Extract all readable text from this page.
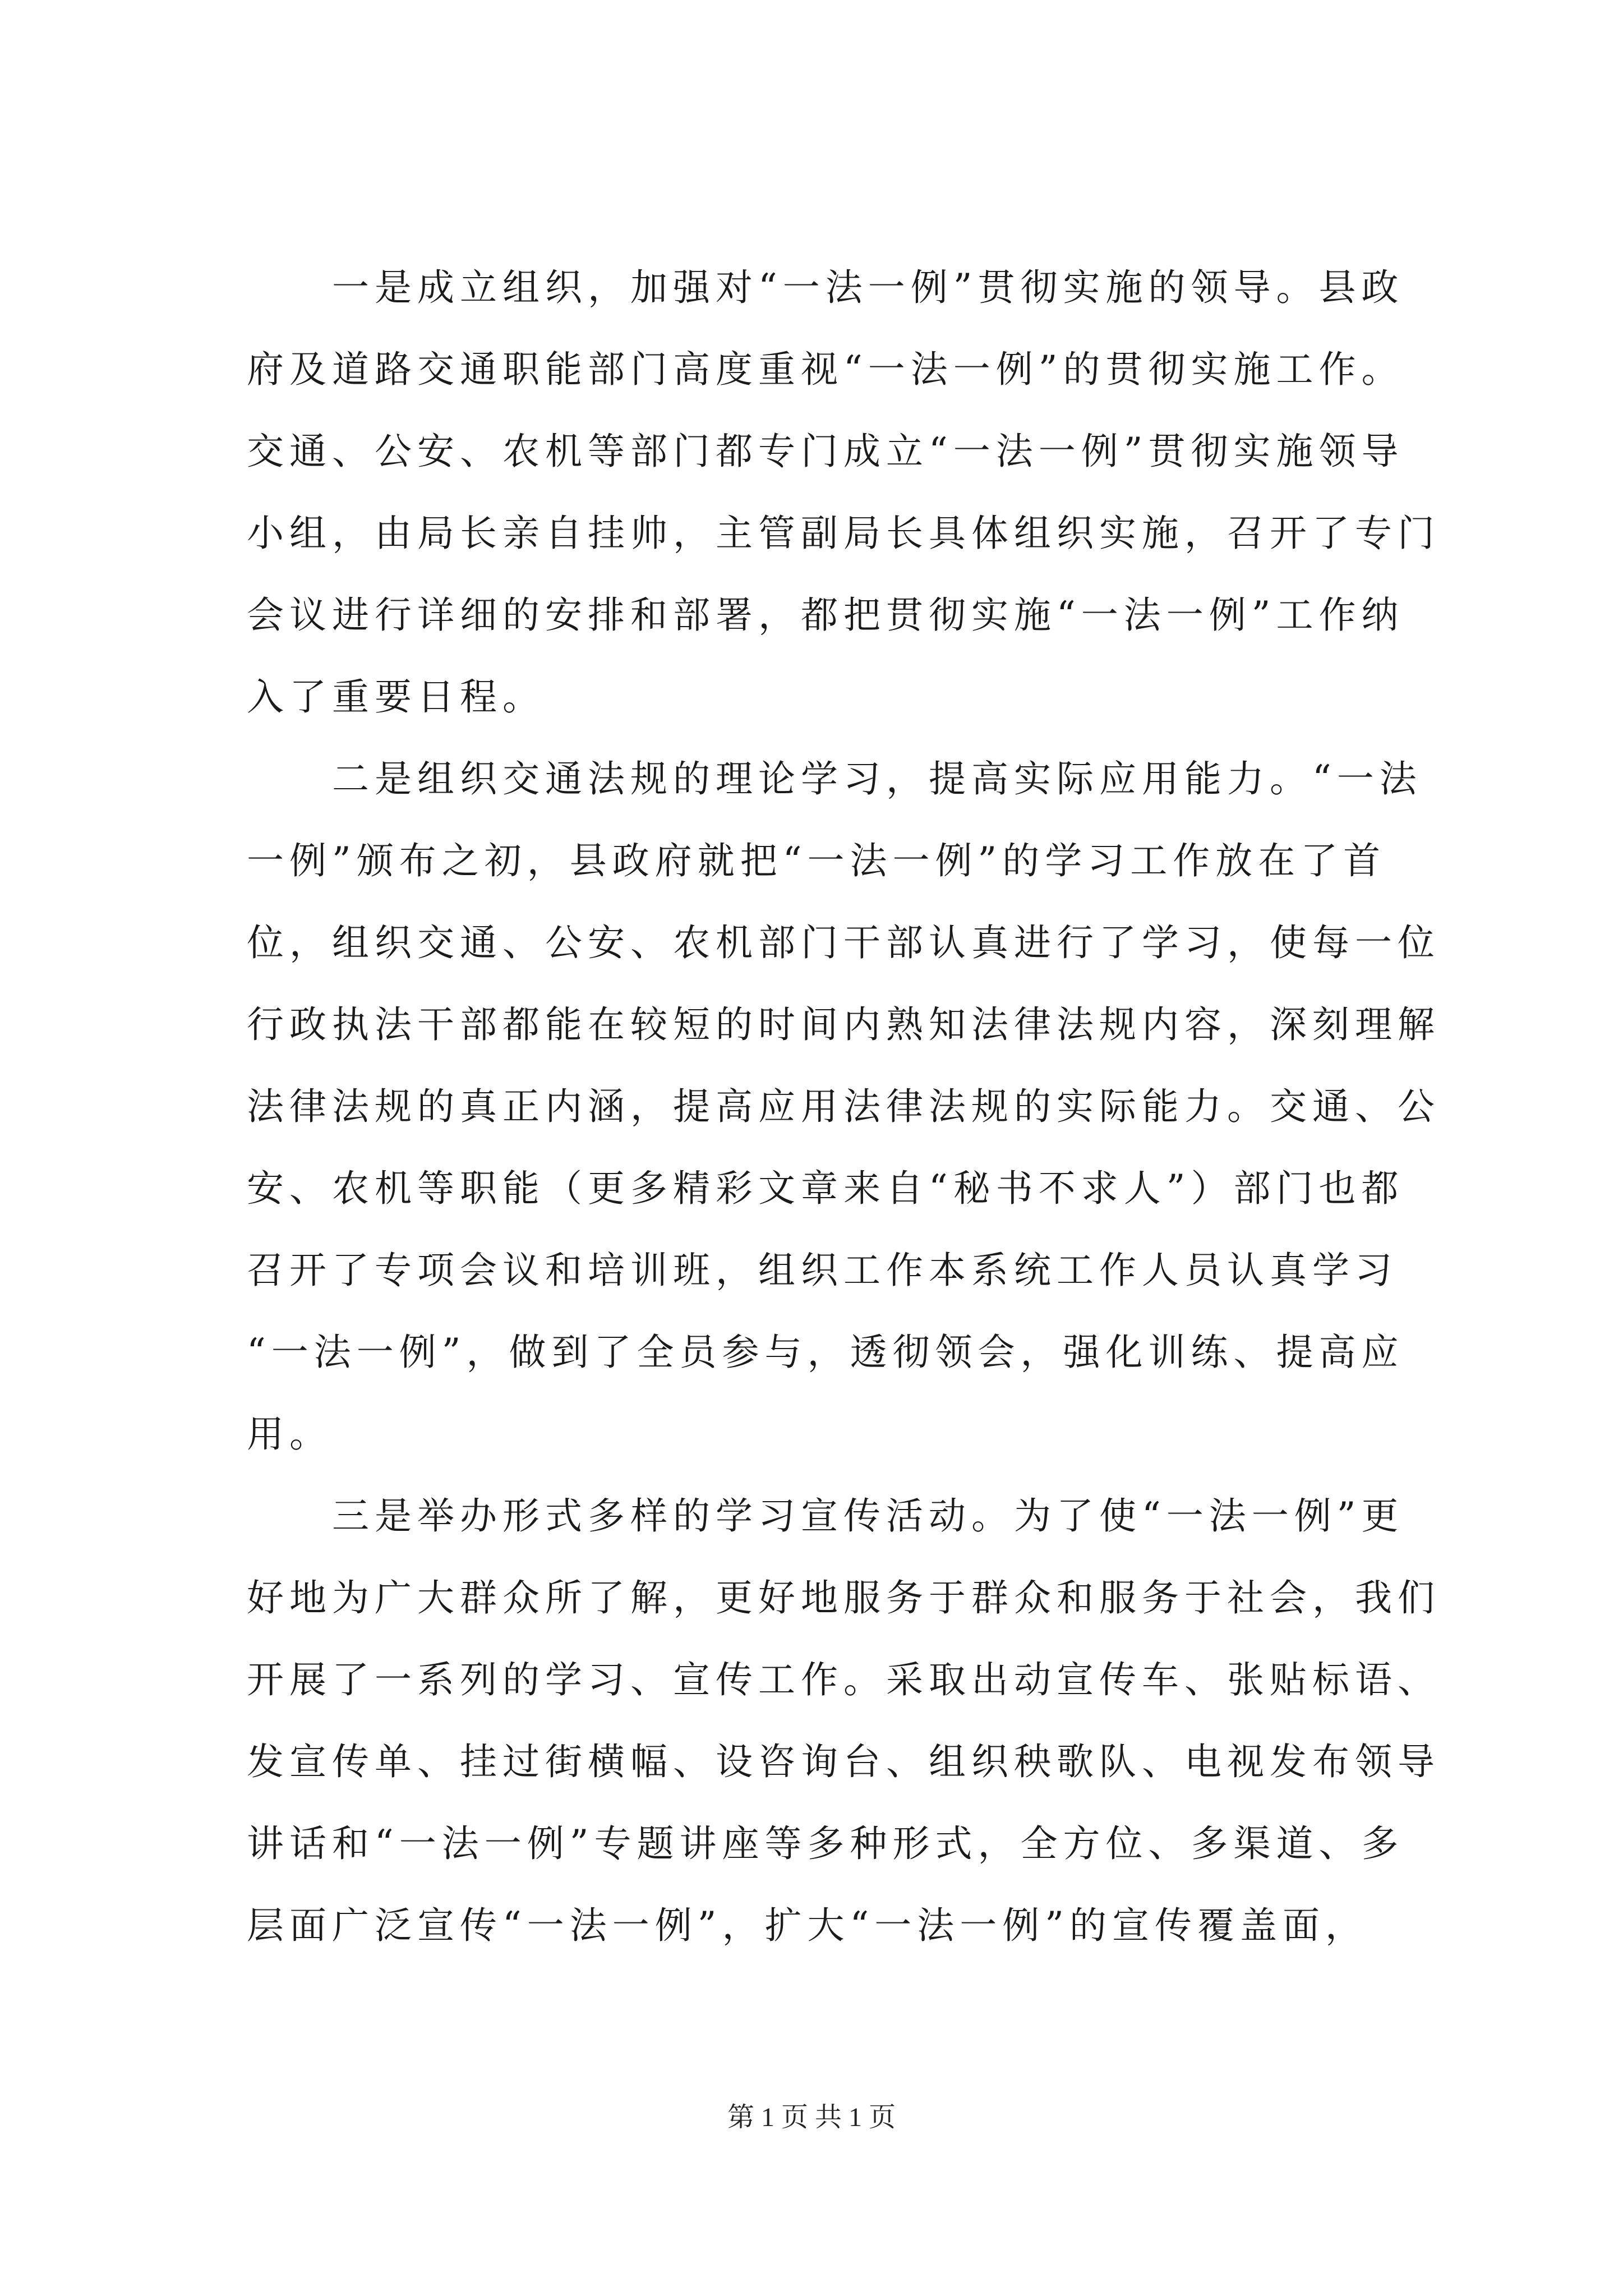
一是成立组织，加强对“一法一例”贯彻实施的领导。县政
府及道路交通职能部门高度重视“一法一例”的贯彻实施工作。
交通、公安、农机等部门都专门成立“一法一例”贯彻实施领导
小组，由局长亲自挂帅，主管副局长具体组织实施，召开了专门
会议进行详细的安排和部署，都把贯彻实施“一法一例”工作纳
入了重要日程。
二是组织交通法规的理论学习，提高实际应用能力。“一法
一例”颁布之初，县政府就把“一法一例”的学习工作放在了首
位，组织交通、公安、农机部门干部认真进行了学习，使每一位
行政执法干部都能在较短的时间内熟知法律法规内容，深刻理解
法律法规的真正内涵，提高应用法律法规的实际能力。交通、公
安、农机等职能（更多精彩文章来自“秘书不求人”）部门也都
召开了专项会议和培训班，组织工作本系统工作人员认真学习
“一法一例”，做到了全员参与，透彻领会，强化训练、提高应
用。
三是举办形式多样的学习宣传活动。为了使“一法一例”更
好地为广大群众所了解，更好地服务于群众和服务于社会，我们
开展了一系列的学习、宣传工作。采取出动宣传车、张贴标语、
发宣传单、挂过街横幅、设咨询台、组织秧歌队、电视发布领导
讲话和“一法一例”专题讲座等多种形式，全方位、多渠道、多
层面广泛宣传“一法一例”，扩大“一法一例”的宣传覆盖面，
第 1 页 共 1 页
